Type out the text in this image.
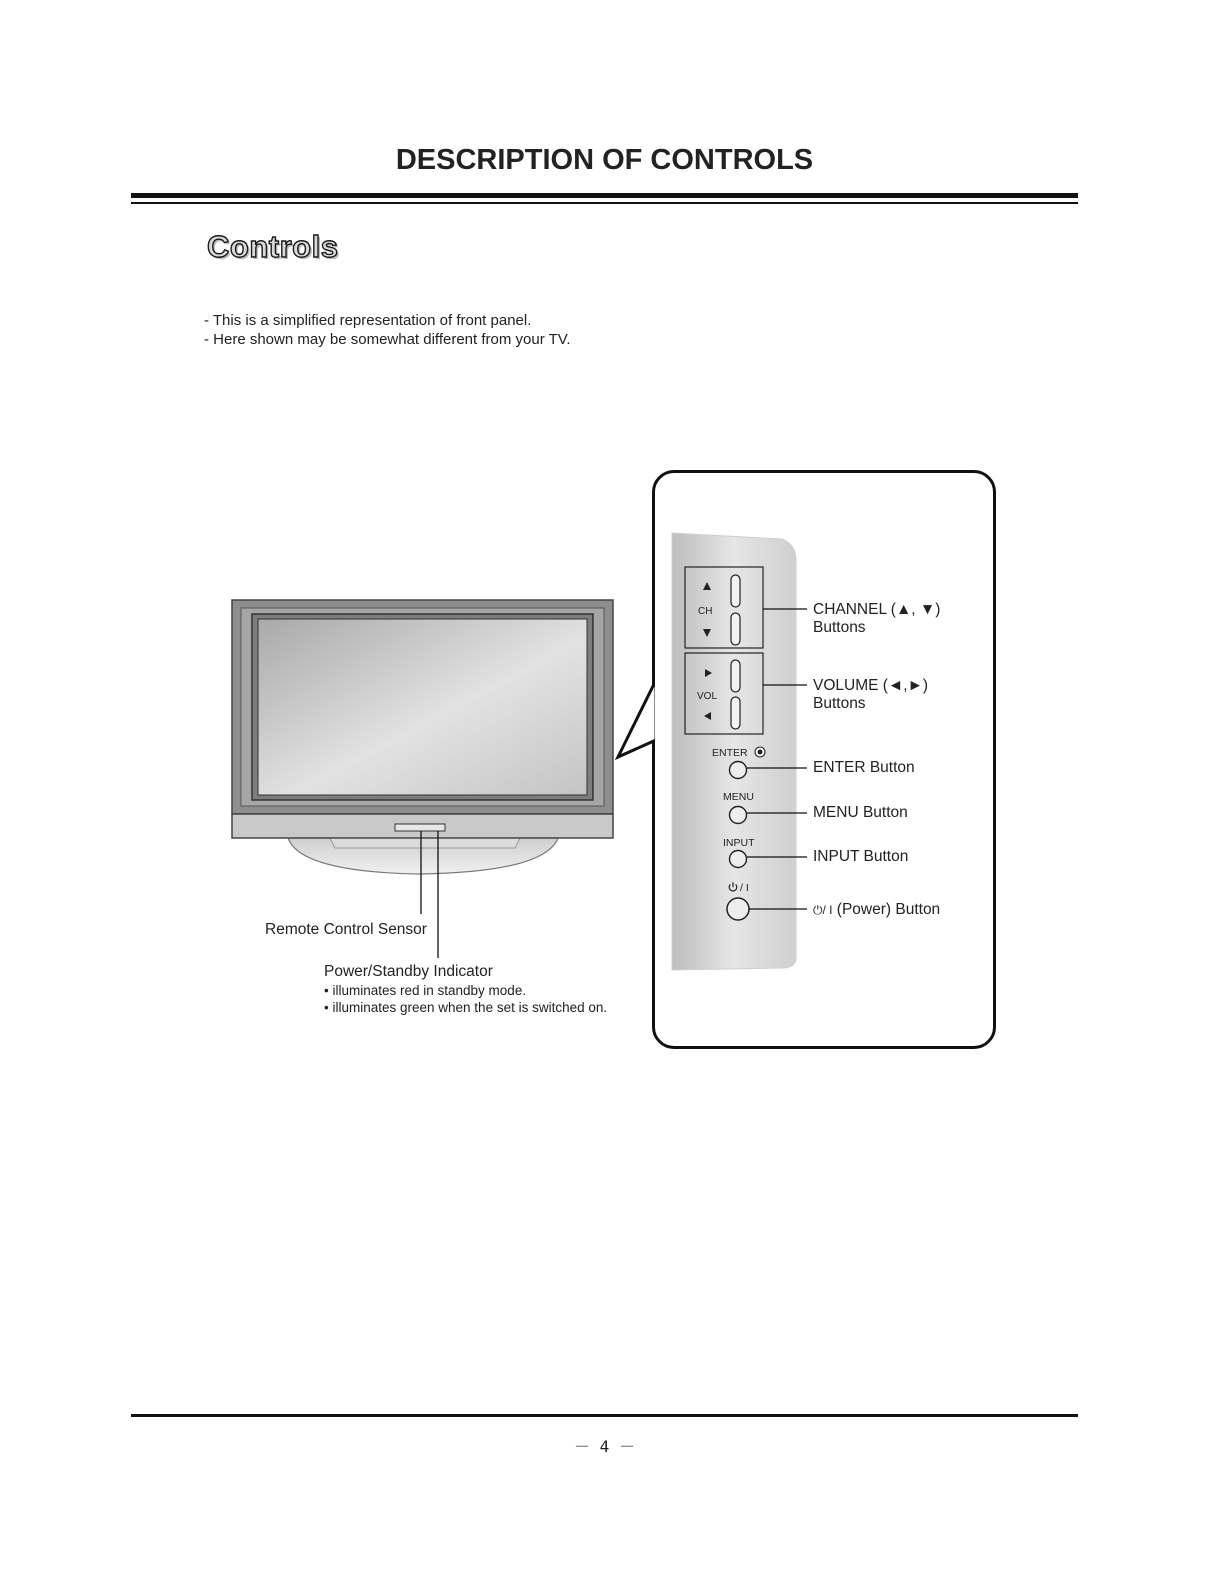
DESCRIPTION OF CONTROLS
Controls
- This is a simplified representation of front panel.
- Here shown may be somewhat different from your TV.
CH
VOL
ENTER
MENU
INPUT
/ I
Remote Control Sensor
Power/Standby Indicator
• illuminates red in standby mode.
• illuminates green when the set is switched on.
CHANNEL (▲, ▼)
Buttons
VOLUME (◄,►)
Buttons
ENTER Button
MENU Button
INPUT Button
⏻/ I (Power) Button
－ 4 －
